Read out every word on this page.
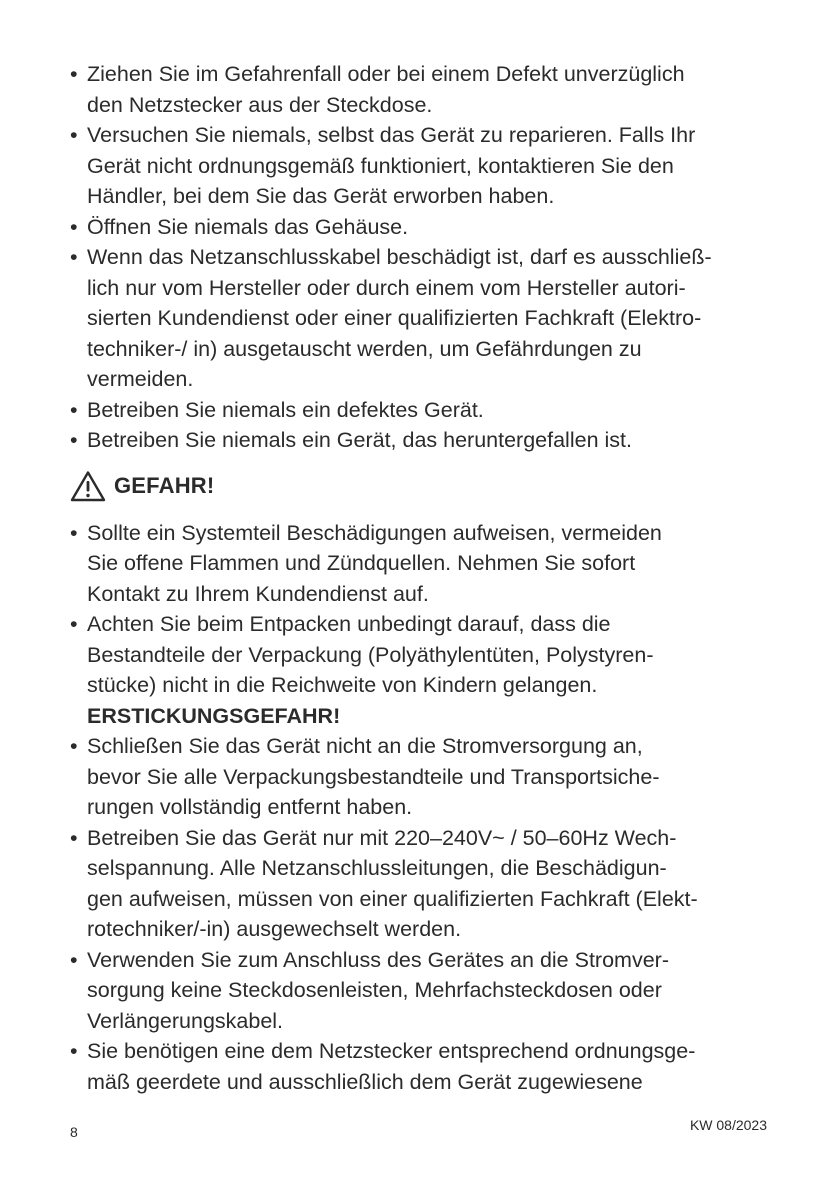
• Ziehen Sie im Gefahrenfall oder bei einem Defekt unverzüglich
den Netzstecker aus der Steckdose.
• Versuchen Sie niemals, selbst das Gerät zu reparieren. Falls Ihr
Gerät nicht ordnungsgemäß funktioniert, kontaktieren Sie den
Händler, bei dem Sie das Gerät erworben haben.
• Öffnen Sie niemals das Gehäuse.
• Wenn das Netzanschlusskabel beschädigt ist, darf es ausschließ-
lich nur vom Hersteller oder durch einem vom Hersteller autori-
sierten Kundendienst oder einer qualifizierten Fachkraft (Elektro-
techniker-/ in) ausgetauscht werden, um Gefährdungen zu
vermeiden.
• Betreiben Sie niemals ein defektes Gerät.
• Betreiben Sie niemals ein Gerät, das heruntergefallen ist.
GEFAHR!
• Sollte ein Systemteil Beschädigungen aufweisen, vermeiden
Sie offene Flammen und Zündquellen. Nehmen Sie sofort
Kontakt zu Ihrem Kundendienst auf.
• Achten Sie beim Entpacken unbedingt darauf, dass die
Bestandteile der Verpackung (Polyäthylentüten, Polystyren-
stücke) nicht in die Reichweite von Kindern gelangen.
ERSTICKUNGSGEFAHR!
• Schließen Sie das Gerät nicht an die Stromversorgung an,
bevor Sie alle Verpackungsbestandteile und Transportsiche-
rungen vollständig entfernt haben.
• Betreiben Sie das Gerät nur mit 220–240V~ / 50–60Hz Wech-
selspannung. Alle Netzanschlussleitungen, die Beschädigun-
gen aufweisen, müssen von einer qualifizierten Fachkraft (Elekt-
rotechniker/-in) ausgewechselt werden.
• Verwenden Sie zum Anschluss des Gerätes an die Stromver-
sorgung keine Steckdosenleisten, Mehrfachsteckdosen oder
Verlängerungskabel.
• Sie benötigen eine dem Netzstecker entsprechend ordnungsge-
mäß geerdete und ausschließlich dem Gerät zugewiesene
8	KW 08/2023
